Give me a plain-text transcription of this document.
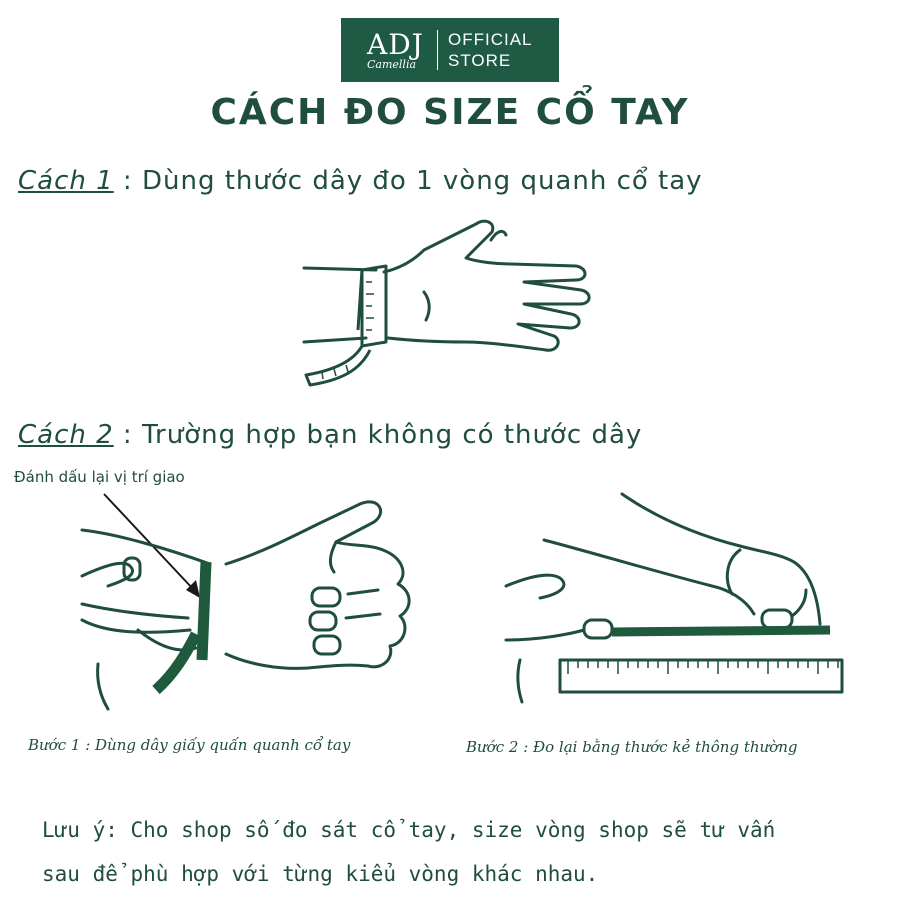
ADJ
Camellia
OFFICIAL
STORE
CÁCH ĐO SIZE CỔ TAY
Cách 1 : Dùng thước dây đo 1 vòng quanh cổ tay
Cách 2 : Trường hợp bạn không có thước dây
Đánh dấu lại vị trí giao
Bước 1 : Dùng dây giấy quấn quanh cổ tay	Bước 2 : Đo lại bằng thước kẻ thông thường
Lưu ý: Cho shop số đo sát cổ tay, size vòng shop sẽ tư vấn
sau để phù hợp với từng kiểu vòng khác nhau.
